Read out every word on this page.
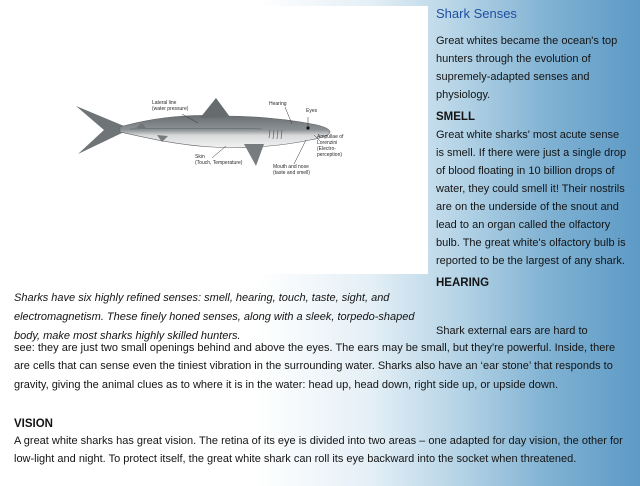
Lateral line
(water pressure)
Hearing
Eyes
Ampullae of
Lorenzini
(Electro-
perception)
Skin
(Touch, Temperature)
Mouth and nose
(taste and smell)

Sharks have six highly refined senses: smell, hearing, touch, taste, sight, and electromagnetism. These finely honed senses, along with a sleek, torpedo-shaped body, make most sharks highly skilled hunters.

Shark Senses

Great whites became the ocean's top hunters through the evolution of supremely-adapted senses and physiology.

SMELL

Great white sharks' most acute sense is smell. If there were just a single drop of blood floating in 10 billion drops of water, they could smell it! Their nostrils are on the underside of the snout and lead to an organ called the olfactory bulb. The great white's olfactory bulb is reported to be the largest of any shark.

HEARING

Shark external ears are hard to

see: they are just two small openings behind and above the eyes. The ears may be small, but they're powerful. Inside, there are cells that can sense even the tiniest vibration in the surrounding water. Sharks also have an ‘ear stone’ that responds to gravity, giving the animal clues as to where it is in the water: head up, head down, right side up, or upside down.

VISION

A great white sharks has great vision. The retina of its eye is divided into two areas – one adapted for day vision, the other for low-light and night. To protect itself, the great white shark can roll its eye backward into the socket when threatened.
